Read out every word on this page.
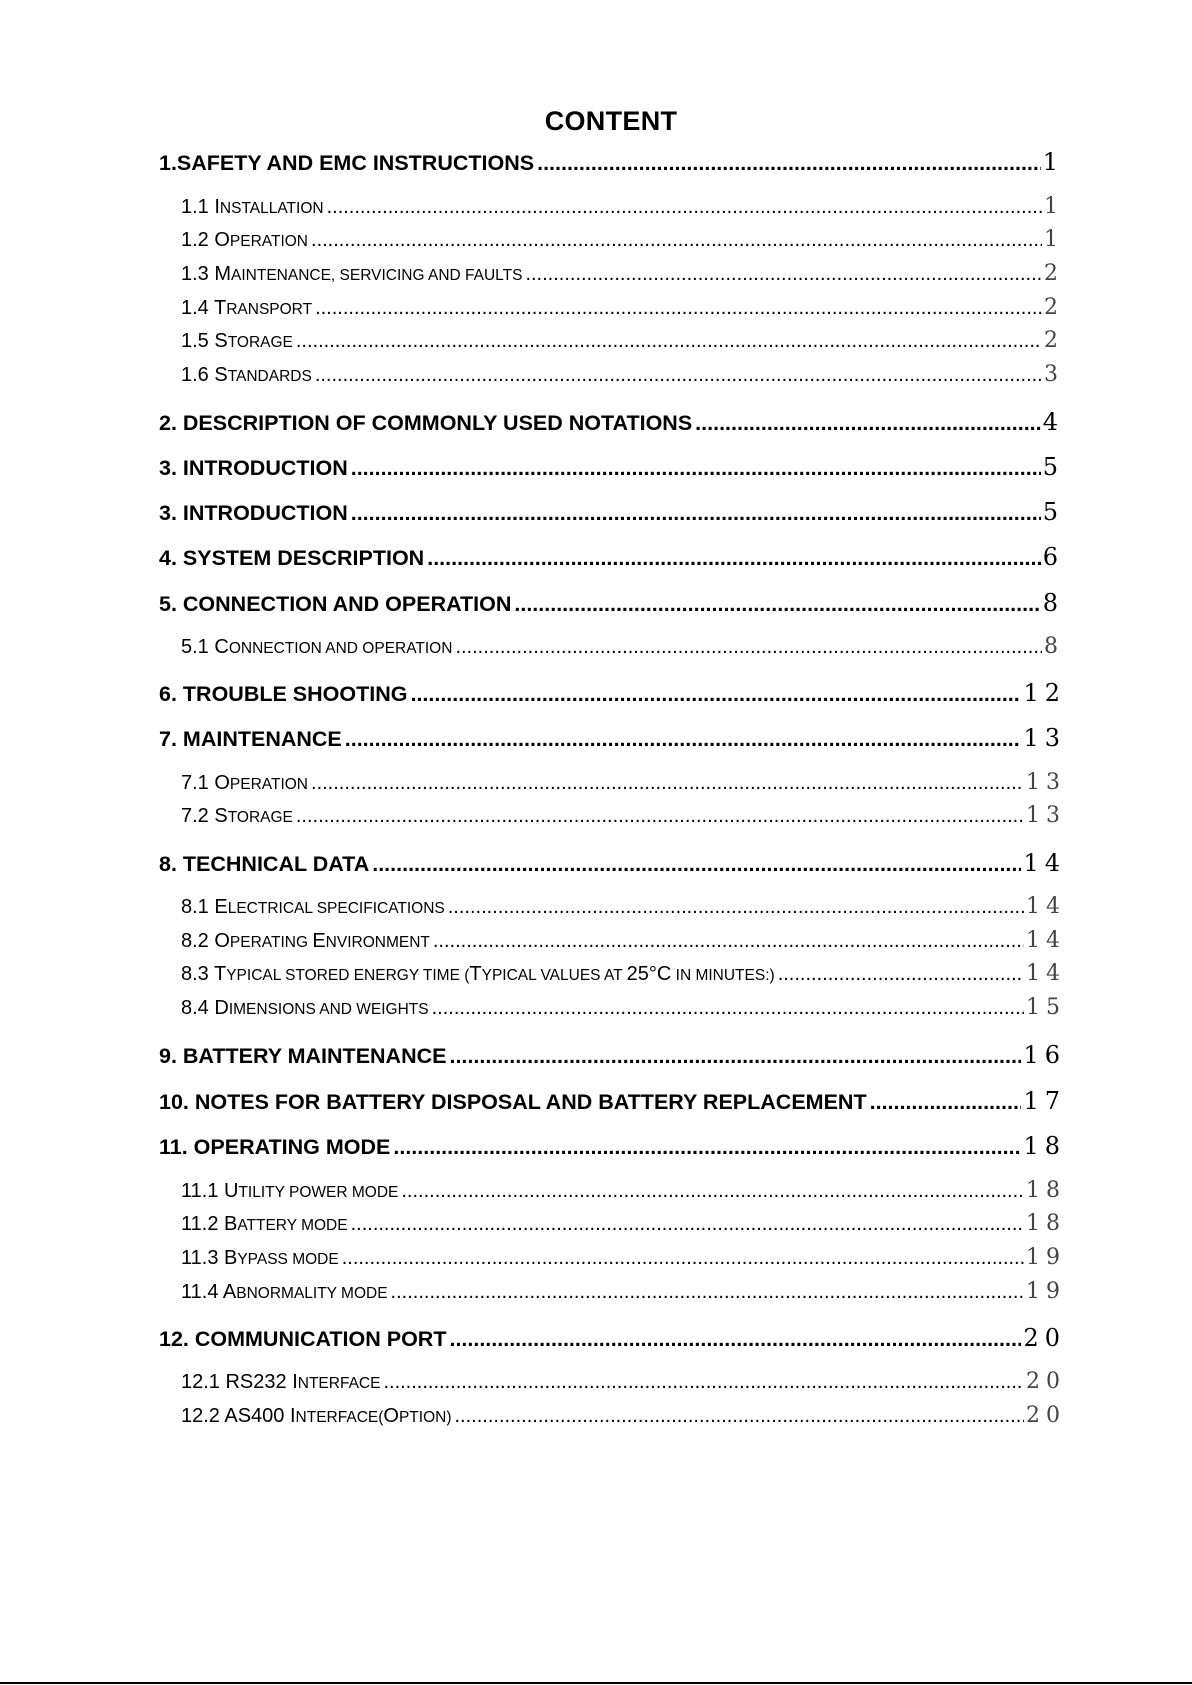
CONTENT
1.SAFETY AND EMC INSTRUCTIONS .....	1
1.1 INSTALLATION .....	1
1.2 OPERATION .....	1
1.3 MAINTENANCE, SERVICING AND FAULTS .....	2
1.4 TRANSPORT .....	2
1.5 STORAGE .....	2
1.6 STANDARDS .....	3
2. DESCRIPTION OF COMMONLY USED NOTATIONS .....	4
3. INTRODUCTION .....	5
3. INTRODUCTION .....	5
4. SYSTEM DESCRIPTION .....	6
5. CONNECTION AND OPERATION .....	8
5.1 CONNECTION AND OPERATION .....	8
6. TROUBLE SHOOTING .....	12
7. MAINTENANCE .....	13
7.1 OPERATION .....	13
7.2 STORAGE .....	13
8. TECHNICAL DATA .....	14
8.1 ELECTRICAL SPECIFICATIONS .....	14
8.2 OPERATING ENVIRONMENT .....	14
8.3 TYPICAL STORED ENERGY TIME (TYPICAL VALUES AT 25°C IN MINUTES:) .....	14
8.4 DIMENSIONS AND WEIGHTS .....	15
9. BATTERY MAINTENANCE .....	16
10. NOTES FOR BATTERY DISPOSAL AND BATTERY REPLACEMENT .....	17
11. OPERATING MODE .....	18
11.1 UTILITY POWER MODE .....	18
11.2 BATTERY MODE .....	18
11.3 BYPASS MODE .....	19
11.4 ABNORMALITY MODE .....	19
12. COMMUNICATION PORT .....	20
12.1 RS232 INTERFACE .....	20
12.2 AS400 INTERFACE(OPTION) .....	20
